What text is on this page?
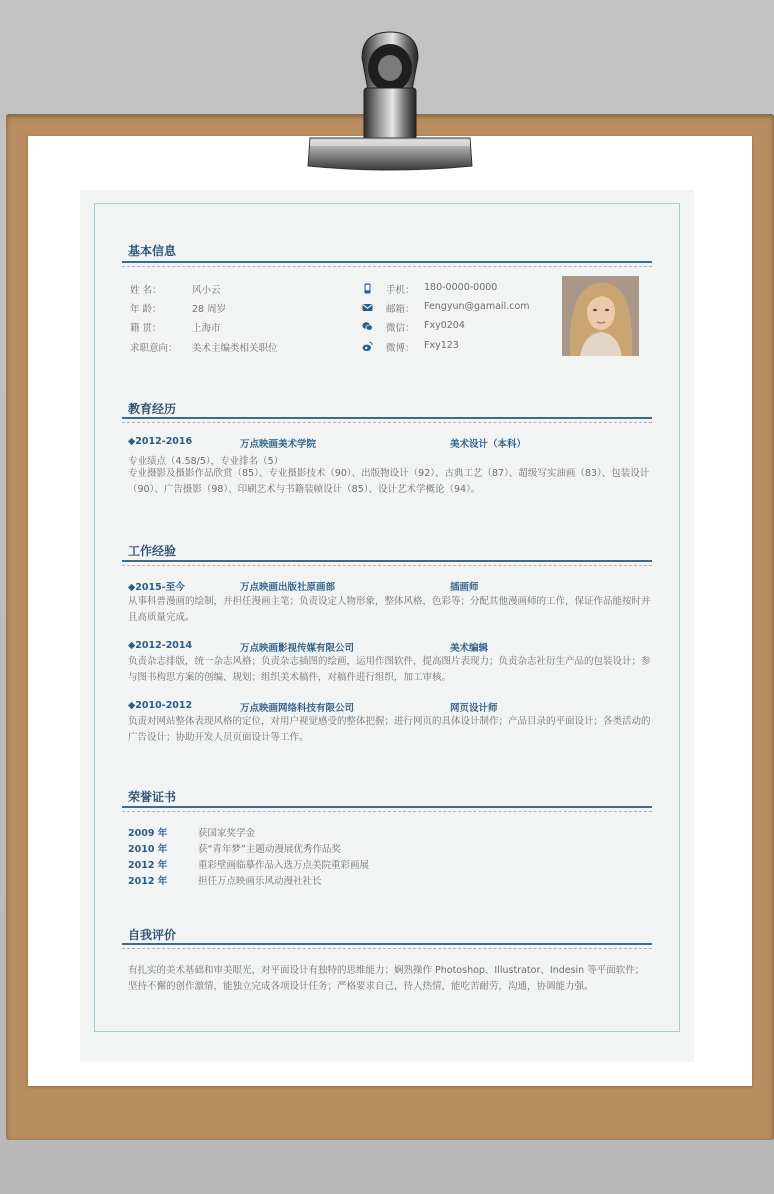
基本信息
姓 名：	风小云
年 龄：	28 周岁
籍 贯：	上海市
求职意向： 美术主编类相关职位
手机： 180-0000-0000
邮箱： Fengyun@gamail.com
微信： Fxy0204
微博： Fxy123
教育经历
◆2012-2016	万点映画美术学院	美术设计（本科）
专业绩点（4.58/5），专业排名（5）
专业摄影及摄影作品欣赏（85）、专业摄影技术（90）、出版物设计（92）、古典工艺（87）、超级写实油画（83）、包装设计（90）、广告摄影（98）、印刷艺术与书籍装帧设计（85）、设计艺术学概论（94）。
工作经验
◆2015-至今	万点映画出版社原画部	插画师
从事科普漫画的绘制，并担任漫画主笔；负责设定人物形象，整体风格，色彩等；分配其他漫画师的工作，保证作品能按时并且高质量完成。
◆2012-2014	万点映画影视传媒有限公司	美术编辑
负责杂志排版，统一杂志风格；负责杂志插图的绘画，运用作图软件，提高图片表现力；负责杂志社衍生产品的包装设计；参与图书构思方案的创编、规划；组织美术稿件，对稿件进行组织，加工审核。
◆2010-2012	万点映画网络科技有限公司	网页设计师
负责对网站整体表现风格的定位，对用户视觉感受的整体把握；进行网页的具体设计制作；产品目录的平面设计；各类活动的广告设计；协助开发人员页面设计等工作。
荣誉证书
2009 年	获国家奖学金
2010 年	获“青年梦”主题动漫展优秀作品奖
2012 年	重彩壁画临摹作品入选万点美院重彩画展
2012 年	担任万点映画乐风动漫社社长
自我评价
有扎实的美术基础和审美眼光，对平面设计有独特的思维能力；娴熟操作 Photoshop、Illustrator、Indesin 等平面软件；坚持不懈的创作激情，能独立完成各项设计任务；严格要求自己，待人热情，能吃苦耐劳，沟通，协调能力强。
